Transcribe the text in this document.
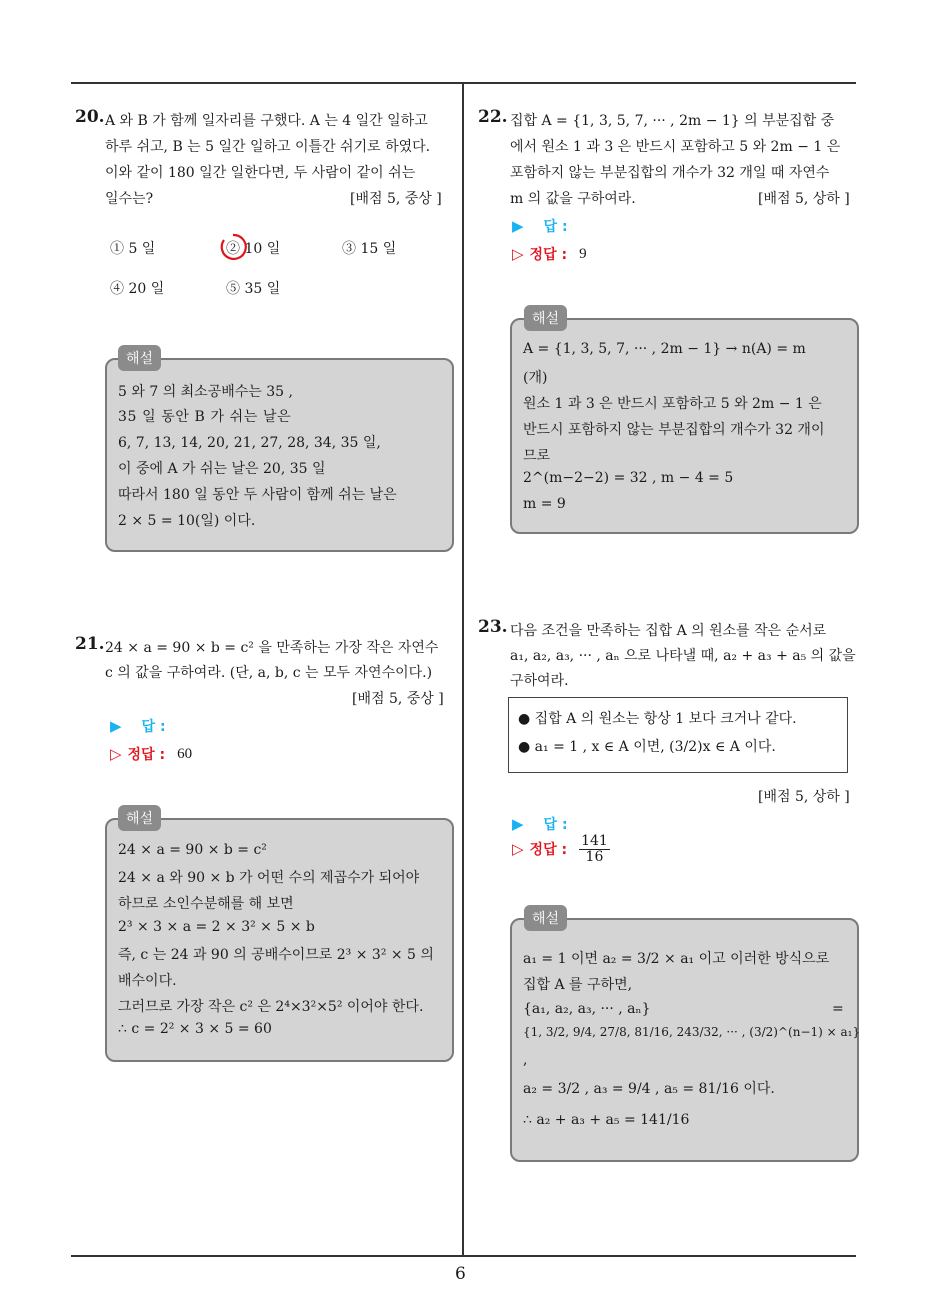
6
20. A 와 B 가 함께 일자리를 구했다. A 는 4 일간 일하고
하루 쉬고, B 는 5 일간 일하고 이틀간 쉬기로 하였다.
이와 같이 180 일간 일한다면, 두 사람이 같이 쉬는
일수는?	[배점 5, 중상 ]
① 5 일	② 10 일	③ 15 일
④ 20 일	⑤ 35 일
해설
5 와 7 의 최소공배수는 35 ,
35 일 동안 B 가 쉬는 날은
6, 7, 13, 14, 20, 21, 27, 28, 34, 35 일,
이 중에 A 가 쉬는 날은 20, 35 일
따라서 180 일 동안 두 사람이 함께 쉬는 날은
2 × 5 = 10(일) 이다.
21. 24 × a = 90 × b = c² 을 만족하는 가장 작은 자연수
c 의 값을 구하여라. (단, a, b, c 는 모두 자연수이다.)
[배점 5, 중상 ]
▶ 답 :
▷ 정답 : 60
해설
24 × a = 90 × b = c²
24 × a 와 90 × b 가 어떤 수의 제곱수가 되어야
하므로 소인수분해를 해 보면
2³ × 3 × a = 2 × 3² × 5 × b
즉, c 는 24 과 90 의 공배수이므로 2³ × 3² × 5 의
배수이다.
그러므로 가장 작은 c² 은 2⁴×3²×5² 이어야 한다.
∴ c = 2² × 3 × 5 = 60
22. 집합 A = {1, 3, 5, 7, ··· , 2m − 1} 의 부분집합 중
에서 원소 1 과 3 은 반드시 포함하고 5 와 2m − 1 은
포함하지 않는 부분집합의 개수가 32 개일 때 자연수
m 의 값을 구하여라.	[배점 5, 상하 ]
▶ 답 :
▷ 정답 : 9
해설
A = {1, 3, 5, 7, ··· , 2m − 1} → n(A) = m
(개)
원소 1 과 3 은 반드시 포함하고 5 와 2m − 1 은
반드시 포함하지 않는 부분집합의 개수가 32 개이
므로
2^(m−2−2) = 32 , m − 4 = 5
m = 9
23. 다음 조건을 만족하는 집합 A 의 원소를 작은 순서로
a₁, a₂, a₃, ··· , aₙ 으로 나타낼 때, a₂ + a₃ + a₅ 의 값을
구하여라.
● 집합 A 의 원소는 항상 1 보다 크거나 같다.
● a₁ = 1 , x ∈ A 이면, (3/2)x ∈ A 이다.
[배점 5, 상하 ]
▶ 답 :
▷ 정답 : $\frac{141}{16}$
해설
a₁ = 1 이면 a₂ = 3/2 × a₁ 이고 이러한 방식으로
집합 A 를 구하면,
{a₁, a₂, a₃, ··· , aₙ}	=
{1, 3/2, 9/4, 27/8, 81/16, 243/32, ··· , (3/2)^(n−1) × a₁}
,
a₂ = 3/2 , a₃ = 9/4 , a₅ = 81/16 이다.
∴ a₂ + a₃ + a₅ = 141/16
